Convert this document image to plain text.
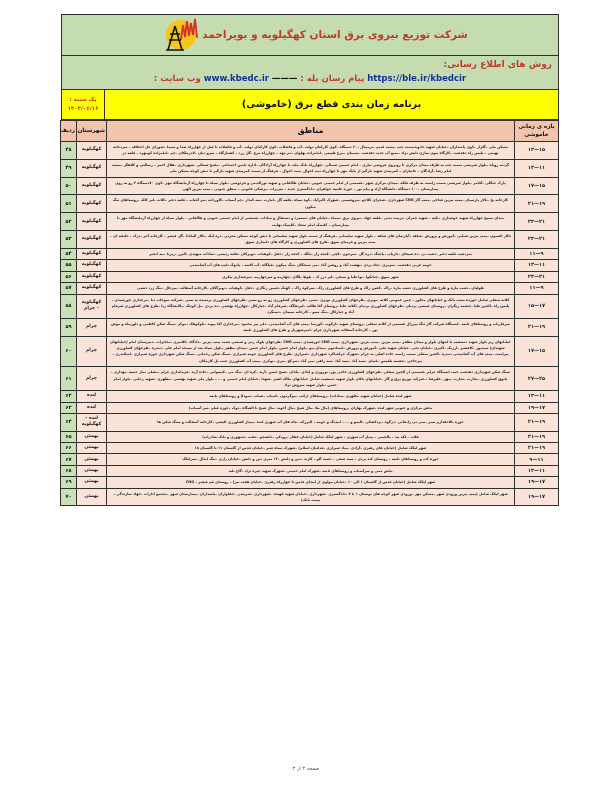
شرکت توزیع نیروی برق استان کهگیلویه و بویراحمد
روش های اطلاع رسانی:
https://ble.ir/kbedcir پیام رسان بله : ——— www.kbedc.ir وب سایت :
برنامه زمان بندی قطع برق (خاموشی)
یک شنبه :
۱۴۰۴/۰۶/۱۶
بازه ی زمانی خاموشی	مناطق	شهرستان	ردیف
۱۵—۱۳	مسکن ملی –گلزار –کوی پاسداران –خیابان شهید دادوندسمت چپ –پست قدیم –ترمینال –۶۰ دستگاه –کوی کارکنان دولت –آب و فاضلاب –کوی کارکنان دولت –آب و فاضلاب تا قبل از چهارراه صدا و سیما –شورای حل اختلاف – سردخانه بهمنی – پلیس راه دهدشت –کارگاه بتون سازی تابش نژاد –منبع آب جدید دهدشت –سمنان –مرج طبیعی –امامزاده پهلوان –دم مهد – چهارراه مرغ –گل زرد – کشتارگاه – سرو دیان –لادرملکان –چم –امامزاده کومهرد – قلعه دز	کهگیلویه	۴۸
۱۱—۱۳	گردنه روباه –بلوار شریعتی سمت چپ به طرف میدان مرکزی تا روبروی فروشی تباری – امام خمینی شمالی –چهارراه بانک ملت تا چهارراه آزادگان –اداره تامین اجتماعی –مفتح شمالی –شهرداری –هلال احمر – رسالتی و کلاهگر –سعید امام رضا –آزادگان – جانبازان – کمربندی شهید بازگیر از بانک مهر تا چهارراه ثبت احوال –ثبت احوال – فرهنگ از سمت کمربندی شهید بازگیر تا دنش کوچه مسکن ملی	کهگیلویه	۴۹
۱۵—۱۷	پارک جنگلی –آقامر –بلوار شریعتی سمت راست به طرف فلکه –میدان مرکزی شهر –قسمتی از امام خمینی جنوبی –خیابان طالقانی و شهید نورالدینی و فردوسی –بلوار سیاه تا چهارراه آزمایشگاه مهر –کوی ۷۰دستگاه ۲ رو به روی بیمارستان –۱۰۰ دستگاه –دانشگاه آزاد و پیام نور – حوزه علمیه خواهران –دادگستری جدید – تعزیرات –پزشکی قانونی – منطق جنوبی – پمپ بنزین الهی	کهگیلویه	۵۰
۱۹—۲۱	کارخانه یخ –تالار پارسیان –پمپ بنزین فتاحی –پمپ گاز CNG شهرداری –صحرای کلاجو –پتروشیمی –شهرک اکبرآباد –کوه سیاه –قلعه گل –امارت –سه کندار –چم آسیاب –کاوردانه –تیر آفتاب – قلعه دختر –کلات –لیر کلک –روستاهای تنگ میکون	کهگیلویه	۵۱
۲۱—۲۳	میدان بسیج چهارراه شهید خوشنازی –تکیه – شهید چمران –تربیت بدنی –قلعه جهاد –نیروی برق –سماء –خیابان های دستمزد و دستقال و سادات –شمشی از امام خمینی جنوبی و طالقانی – بلوار سیاه از چهارراه آزمایشگاه مهر تا بیمارستان – کلینیک امام سجاد –کلینیک نهایت	کهگیلویه	۵۲
۲۱—۲۳	تالار افسون –پمپ بنزین ضیایی –آموزش و پرورش –شاهد –آپارتمان های شاهد – بلوار شهید سلیمانی –فرهنگ از سمت بلوار شهید سلیمانی تا دنش کوچه مسکن مخزنی –دره لنک –تالار الپانانا –گل قیصر – کارخانه آجر –دزک – خلیفه ای –پمپ بنزین و فرمنان سوق –طرح های کشاورزی و کارگاه های دامداری سوق	کهگیلویه	۵۳
۹—۱۱	سردشت قلعه دختر –دشت نی –ده شیخان –دارباب –پاچنگ –دره گل –سرخون –کچی –کنجه زار –تالک – کنجه زار –جفل –کوهبات –دوبرکان –قلعه رئیسی –سادات منهیدی –البرز –زیرنا –بید انجیر	کهگیلویه	۵۴
۱۱—۱۳	حومه غربی دهدشت –سرپری –چاه بردی –نهضت آباد و روشن آباد –می سنجگان –تنگ میکون –فیلگاه –آب کاسه – پادوک تایپ های آب آشامیدنی	کهگیلویه	۵۵
۲۱—۲۳	شهر سوق –چنانکوا –نوا طیا و سنقی –لیر درز ک – بلوط بلگان –چهارمه و سرچهارمه –سرفتداری بیکری	کهگیلویه	۵۶
۹—۱۱	طولیان –دشت مازه و طرح های کشاورزی دشت مازه –راک –کفین راک و طرح های کشاورزی راک –سرکوه راک – کهنک دشمن زنگاری –جفل –کوهبات –دوبرگکان –کارخانه آسفالت –پیرچال –تنگ زرد دشتی	کهگیلویه	۵۷
۱۷—۱۵	کلاته سفلی شامل خورده بست بانک و خیابانهای مجاور – چمن عمومی کلاته –نوبری –طرحهای کشاورزی نوبری –نسی –طرحهای کشاورزی رو به رو نسی –طرحهای کشاورزی نرسیده به نسی –شرکت سوخات دنا –مرغداری خورشیدی –پلیس راه –الچین طیا –چشمه زنگران –روستای صنعتی بردیان –طرحهای کشاورزی بردیان /کلاته علیا –روستای آقا طالب –لیرتفگک –شرفام آباد –خیارکال –چهارراه بهشتی –ده بردی –تل کوچک –پالایشگاه رنا –طرح های کشاورزی شرفام آباد و خیارکال –تنگ سبو – کارخانه سیمان –دستگرد	کهگیلویه – چرام	۵۸
۱۹—۲۱	سرقاریاب و روستاهای تابعه –ایستگاه شرکت گاز تنگ پیرزال قسمتی از کلاته سفلی –روستای شهید دارکوب –کورسا –پمپ های آب آشامیدنی –دلی پیر محمود –مرغداری آقا پیوند –تلوکوهک –موکر –سنگ شکن کاظمی و داوریناه و موش پور – کارخانه آسفالت شهرداری چرام –امیرشهریار و طرح های کشاورزی تابعه	چرام	۵۹
۱۵—۱۷	خیابانهای زیر بلوار شهید دستغیب تا انتهای بلوار و میدان مظفر –پمپ بنزین –پمپ بنزین –شهرداری –پمپ CNG خورشیدی –پمپ CNG –طرحهای بلوک زنی و صنعتی پشت پمپ بنزین –دادگاه –کلانتری –مخابرات –دبیرستان امام (خیابانهای شهیدان) سیدپور –کافشیر –ارزنک –اکبری –خیابان نخی –خیابان شهید تقی –آموزش و پرورش –استادیوم –میدان بنو –بلوار امام حسن –بلوار امام حسن –میدان مظفر –بلوار سیاه بعد از مسجد امام علی –دمدره –طرحهای کشاورزی پیرامنت –پمپ های آب آشامیدنی دمدره –الچین سفلی سمت راست جاده اصلی به چرام –شهرک چرافیاکرد شهرداری –شیرازی –طرح های کشاورزی حومه شیرازی –سنگ شکن رحمانی –سنگ شکن شهرداری حوزه شیرازی –اسکندری –پیرحاجی –چشمه بلقیس –قنیان –سید آباد –سید آباد –سه راهی نمی آباد –سرکچ –بتری –توکری –پمپ آب کشاورزی جنب پل کارمکان	چرام	۶۰
۲۵—۲۷	سنگ شکن شهرداری دهدشت جنب ایستگاه چرام –قسمتی از الچین سفلی –طرحهای کشاورزی حاجی پور، نوروزی و لیادی –بلدان –شیخ حسن –آرند –کره ای –تنگ می –کیسوانی –جاده آرند –فرمانداری چرام –مصلی نماز جمعه –بهداری –پاتوق کشاورزی –تجارت –تجارت –مهر –علیرضا ––شرکت توزیع برق و گاز –خیابانهای بالای بلوار شهید دستغیب شامل خیابانهای مالک اشتر –شهدا –خیابان امام خمینی و ... – بلوار ملی شهید بهشتی –مطهری –شهید رجایی –بلوار امام حسن –بلوار شهید سروش نژاد	چرام	۶۱
۱۱—۱۳	شهر لنده شامل (خیابان شهید مطهری –سادات) –روستاهای ارائب –موگرمون –کمباب –شباب –سودا) و روستاهای تابعه	لنده	۶۲
۱۷—۱۹	بخش مرکزی و جنوبی شهر لنده –شهرک بهاران –روستاهای (مال ملا –مال شیخ –مال آخوند –مال شیخ تا الشگاه –دوک –حوزه قیام –سر آسیاب)	لنده	۶۳
۱۹—۲۱	حوزه بالادهدازم سبز –سی نی زابخاتی –دزگوه –بردکشکی –الیمو و ... – ابیدنگ و حومه – البرزکه –چاه های آب شهری لنده –پمپاژ کشاورزی الیشی –کارخانه آسفالت و سنگ شکن ها	لنده – کهگیلویه	۶۴
۱۹—۲۱	قلات – لکه بید – پالچینی – پمپاژ آب شهری – شهر لیکک شامل (خیابان عطار –رودکی –دانشجو –جفت –جمهوری و بانک صادرات)	بهمئی	۶۵
۱۹—۲۱	شهر لیکک شامل (خیابان های رهبری –آزادی –میاد شیرازی –فدائیان اسلام) –شهرک سیاه شیر –خیابان قدس از گلستان ۱۱ تا گلستان ۱۸	بهمئی	۶۶
۱۱—۹	حوزه کت و روستاهای تابعه – روستای کبد بردی – سید صفی – دشت آلو – کارند –دین و دانش –۱۴ متری دین و دانش –خیابان رازی –تنگ ایدال –سرلیکک	بهمئی	۶۷
۱۱—۱۳	بخش ممی و سرآسیاب و روستاهای تابعه –شهرک امام خمینی –شهرک شهید چیره نژاد –گاج بلند	بهمئی	۶۸
۱۷—۱۹	شهر لیکک شامل (خیابان قدس از گلستان ۱ الی ۱۰ –خیابان مولوی از ابتدای قدس تا چهارراه رهبری –خیابان هفت تیر) – روستای قم قیصر – CNG	بهمئی	۶۹
۱۷—۱۹	شهر لیکک شامل (پمپ بنزین ورودی شهر –مسکن مهر –ورودی شهر کوچه های نوستان ۱ تا ۷ –دادگستری –شهرداری –خیابان شهید قهنجد –شهرداری –شریعتی –جقلواران –پاسداران –بیمارستان شهر –مجتمع ادارات –جهاد سازندگی –پست بانک)	بهمئی	۷۰
صفحه ۳ از ۳
